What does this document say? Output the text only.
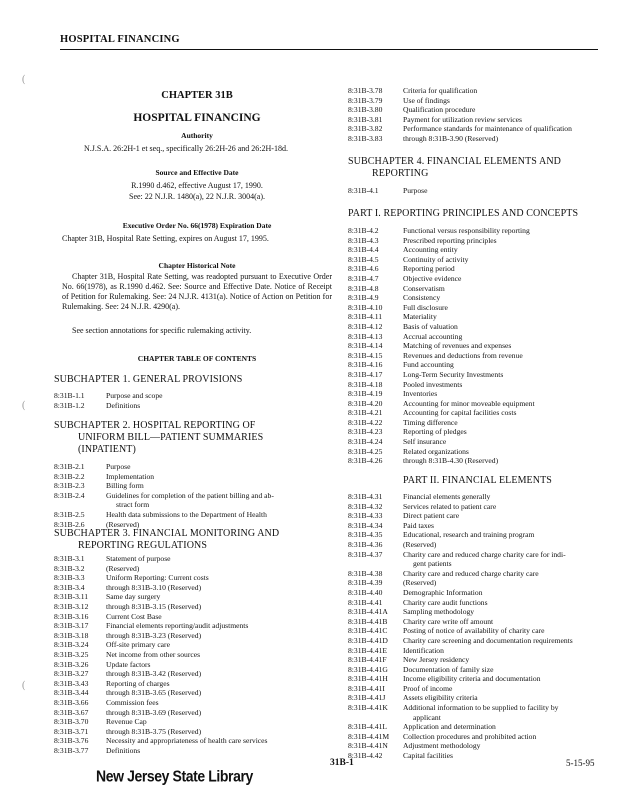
HOSPITAL FINANCING
CHAPTER 31B
HOSPITAL FINANCING
Authority
N.J.S.A. 26:2H-1 et seq., specifically 26:2H-26 and 26:2H-18d.
Source and Effective Date
R.1990 d.462, effective August 17, 1990.
See: 22 N.J.R. 1480(a), 22 N.J.R. 3004(a).
Executive Order No. 66(1978) Expiration Date
Chapter 31B, Hospital Rate Setting, expires on August 17, 1995.
Chapter Historical Note
Chapter 31B, Hospital Rate Setting, was readopted pursuant to Executive Order No. 66(1978), as R.1990 d.462. See: Source and Effective Date. Notice of Receipt of Petition for Rulemaking. See: 24 N.J.R. 4131(a). Notice of Action on Petition for Rulemaking. See: 24 N.J.R. 4290(a).
See section annotations for specific rulemaking activity.
CHAPTER TABLE OF CONTENTS
SUBCHAPTER 1. GENERAL PROVISIONS
8:31B-1.1	Purpose and scope
8:31B-1.2	Definitions
SUBCHAPTER 2. HOSPITAL REPORTING OF
UNIFORM BILL—PATIENT SUMMARIES
(INPATIENT)
8:31B-2.1	Purpose
8:31B-2.2	Implementation
8:31B-2.3	Billing form
8:31B-2.4	Guidelines for completion of the patient billing and ab-
stract form
8:31B-2.5	Health data submissions to the Department of Health
8:31B-2.6	(Reserved)
SUBCHAPTER 3. FINANCIAL MONITORING AND
REPORTING REGULATIONS
8:31B-3.1	Statement of purpose
8:31B-3.2	(Reserved)
8:31B-3.3	Uniform Reporting: Current costs
8:31B-3.4	through 8:31B-3.10 (Reserved)
8:31B-3.11	Same day surgery
8:31B-3.12	through 8:31B-3.15 (Reserved)
8:31B-3.16	Current Cost Base
8:31B-3.17	Financial elements reporting/audit adjustments
8:31B-3.18	through 8:31B-3.23 (Reserved)
8:31B-3.24	Off-site primary care
8:31B-3.25	Net income from other sources
8:31B-3.26	Update factors
8:31B-3.27	through 8:31B-3.42 (Reserved)
8:31B-3.43	Reporting of charges
8:31B-3.44	through 8:31B-3.65 (Reserved)
8:31B-3.66	Commission fees
8:31B-3.67	through 8:31B-3.69 (Reserved)
8:31B-3.70	Revenue Cap
8:31B-3.71	through 8:31B-3.75 (Reserved)
8:31B-3.76	Necessity and appropriateness of health care services
8:31B-3.77	Definitions
8:31B-3.78	Criteria for qualification
8:31B-3.79	Use of findings
8:31B-3.80	Qualification procedure
8:31B-3.81	Payment for utilization review services
8:31B-3.82	Performance standards for maintenance of qualification
8:31B-3.83	through 8:31B-3.90 (Reserved)
SUBCHAPTER 4. FINANCIAL ELEMENTS AND
REPORTING
8:31B-4.1	Purpose
PART I. REPORTING PRINCIPLES AND CONCEPTS
8:31B-4.2	Functional versus responsibility reporting
8:31B-4.3	Prescribed reporting principles
8:31B-4.4	Accounting entity
8:31B-4.5	Continuity of activity
8:31B-4.6	Reporting period
8:31B-4.7	Objective evidence
8:31B-4.8	Conservatism
8:31B-4.9	Consistency
8:31B-4.10	Full disclosure
8:31B-4.11	Materiality
8:31B-4.12	Basis of valuation
8:31B-4.13	Accrual accounting
8:31B-4.14	Matching of revenues and expenses
8:31B-4.15	Revenues and deductions from revenue
8:31B-4.16	Fund accounting
8:31B-4.17	Long-Term Security Investments
8:31B-4.18	Pooled investments
8:31B-4.19	Inventories
8:31B-4.20	Accounting for minor moveable equipment
8:31B-4.21	Accounting for capital facilities costs
8:31B-4.22	Timing difference
8:31B-4.23	Reporting of pledges
8:31B-4.24	Self insurance
8:31B-4.25	Related organizations
8:31B-4.26	through 8:31B-4.30 (Reserved)
PART II. FINANCIAL ELEMENTS
8:31B-4.31	Financial elements generally
8:31B-4.32	Services related to patient care
8:31B-4.33	Direct patient care
8:31B-4.34	Paid taxes
8:31B-4.35	Educational, research and training program
8:31B-4.36	(Reserved)
8:31B-4.37	Charity care and reduced charge charity care for indi-
gent patients
8:31B-4.38	Charity care and reduced charge charity care
8:31B-4.39	(Reserved)
8:31B-4.40	Demographic Information
8:31B-4.41	Charity care audit functions
8:31B-4.41A	Sampling methodology
8:31B-4.41B	Charity care write off amount
8:31B-4.41C	Posting of notice of availability of charity care
8:31B-4.41D	Charity care screening and documentation requirements
8:31B-4.41E	Identification
8:31B-4.41F	New Jersey residency
8:31B-4.41G	Documentation of family size
8:31B-4.41H	Income eligibility criteria and documentation
8:31B-4.41I	Proof of income
8:31B-4.41J	Assets eligibility criteria
8:31B-4.41K	Additional information to be supplied to facility by
applicant
8:31B-4.41L	Application and determination
8:31B-4.41M	Collection procedures and prohibited action
8:31B-4.41N	Adjustment methodology
8:31B-4.42	Capital facilities
(
(
(
New Jersey State Library
31B-1	5-15-95
